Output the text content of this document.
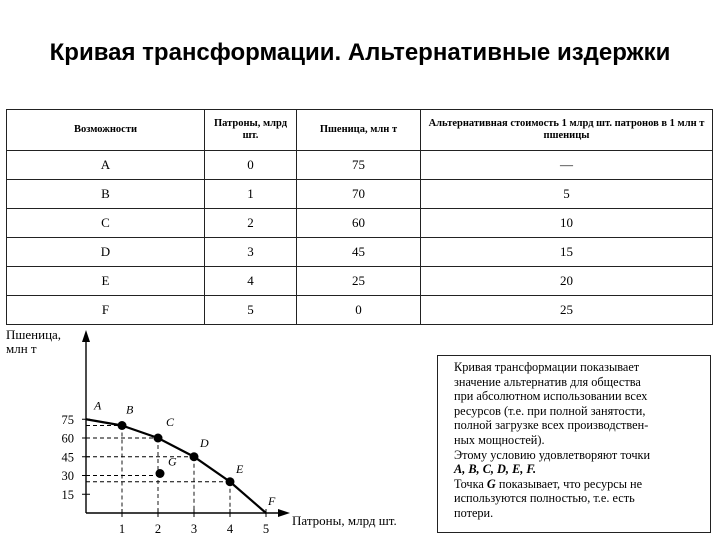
Кривая трансформации. Альтернативные издержки
Возможности	Патроны, млрд шт.	Пшеница, млн т	Альтернативная стоимость 1 млрд шт. патронов в 1 млн т пшеницы
A	0	75	—
B	1	70	5
C	2	60	10
D	3	45	15
E	4	25	20
F	5	0	25
Пшеница,
млн т
Патроны, млрд шт.
1 2 3 4 5
15
30
45
60
75
A B
C
D
E
F
G
Кривая трансформации показывает
значение альтернатив для общества
при абсолютном использовании всех
ресурсов (т.е. при полной занятости,
полной загрузке всех производствен-
ных мощностей).
Этому условию удовлетворяют точки
A, B, C, D, E, F.
Точка G показывает, что ресурсы не
используются полностью, т.е. есть
потери.
